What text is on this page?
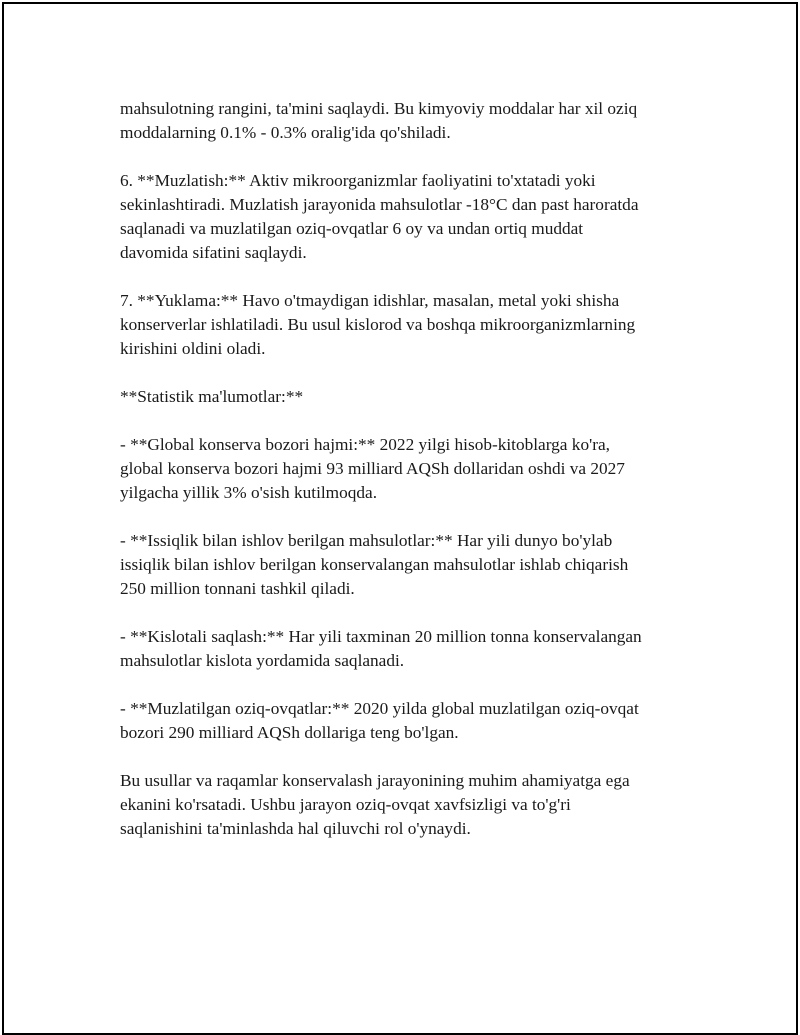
mahsulotning rangini, ta'mini saqlaydi. Bu kimyoviy moddalar har xil oziq
moddalarning 0.1% - 0.3% oralig'ida qo'shiladi.

6. **Muzlatish:** Aktiv mikroorganizmlar faoliyatini to'xtatadi yoki
sekinlashtiradi. Muzlatish jarayonida mahsulotlar -18°C dan past haroratda
saqlanadi va muzlatilgan oziq-ovqatlar 6 oy va undan ortiq muddat
davomida sifatini saqlaydi.

7. **Yuklama:** Havo o'tmaydigan idishlar, masalan, metal yoki shisha
konserverlar ishlatiladi. Bu usul kislorod va boshqa mikroorganizmlarning
kirishini oldini oladi.

**Statistik ma'lumotlar:**

- **Global konserva bozori hajmi:** 2022 yilgi hisob-kitoblarga ko'ra,
global konserva bozori hajmi 93 milliard AQSh dollaridan oshdi va 2027
yilgacha yillik 3% o'sish kutilmoqda.

- **Issiqlik bilan ishlov berilgan mahsulotlar:** Har yili dunyo bo'ylab
issiqlik bilan ishlov berilgan konservalangan mahsulotlar ishlab chiqarish
250 million tonnani tashkil qiladi.

- **Kislotali saqlash:** Har yili taxminan 20 million tonna konservalangan
mahsulotlar kislota yordamida saqlanadi.

- **Muzlatilgan oziq-ovqatlar:** 2020 yilda global muzlatilgan oziq-ovqat
bozori 290 milliard AQSh dollariga teng bo'lgan.

Bu usullar va raqamlar konservalash jarayonining muhim ahamiyatga ega
ekanini ko'rsatadi. Ushbu jarayon oziq-ovqat xavfsizligi va to'g'ri
saqlanishini ta'minlashda hal qiluvchi rol o'ynaydi.
